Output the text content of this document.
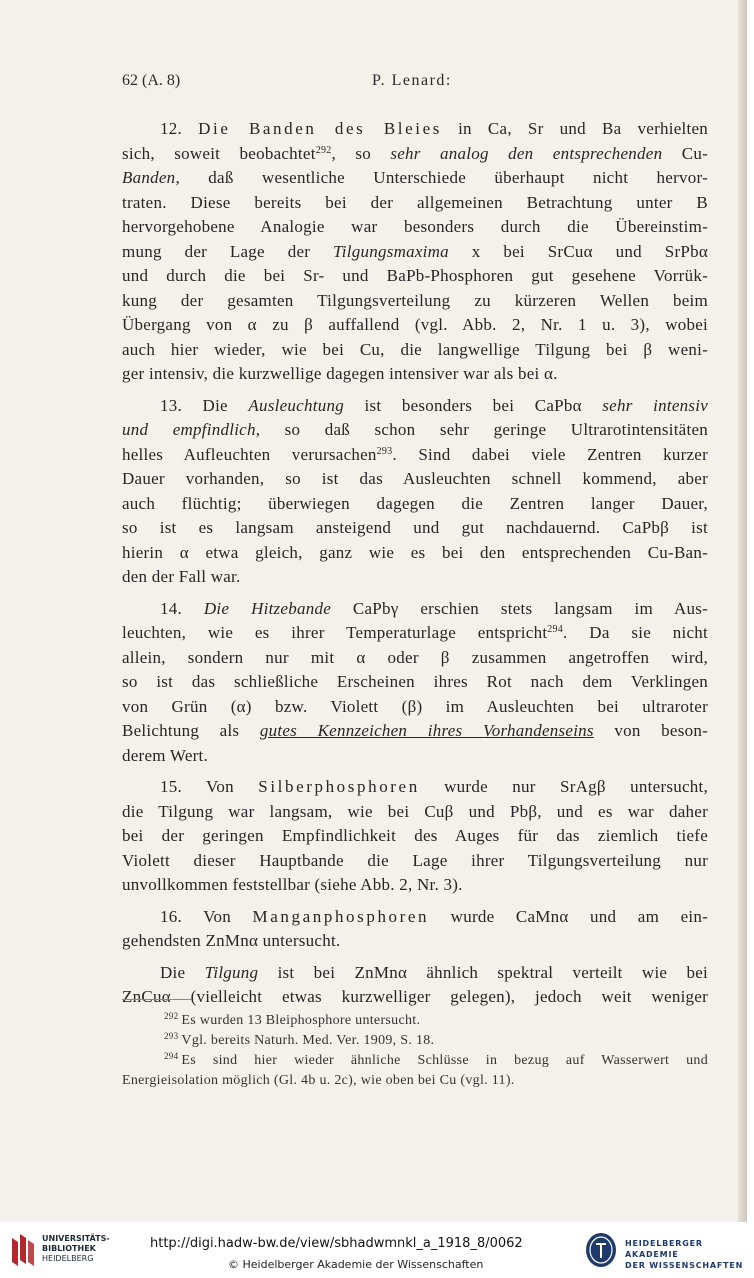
62 (A. 8)	P. Lenard:
12. Die Banden des Bleies in Ca, Sr und Ba verhielten
sich, soweit beobachtet$^{292}$, so sehr analog den entsprechenden Cu-
Banden, daß wesentliche Unterschiede überhaupt nicht hervor-
traten. Diese bereits bei der allgemeinen Betrachtung unter B
hervorgehobene Analogie war besonders durch die Übereinstim-
mung der Lage der Tilgungsmaxima x bei SrCuα und SrPbα
und durch die bei Sr- und BaPb-Phosphoren gut gesehene Vorrük-
kung der gesamten Tilgungsverteilung zu kürzeren Wellen beim
Übergang von α zu β auffallend (vgl. Abb. 2, Nr. 1 u. 3), wobei
auch hier wieder, wie bei Cu, die langwellige Tilgung bei β weni-
ger intensiv, die kurzwellige dagegen intensiver war als bei α.
13. Die Ausleuchtung ist besonders bei CaPbα sehr intensiv
und empfindlich, so daß schon sehr geringe Ultrarotintensitäten
helles Aufleuchten verursachen$^{293}$. Sind dabei viele Zentren kurzer
Dauer vorhanden, so ist das Ausleuchten schnell kommend, aber
auch flüchtig; überwiegen dagegen die Zentren langer Dauer,
so ist es langsam ansteigend und gut nachdauernd. CaPbβ ist
hierin α etwa gleich, ganz wie es bei den entsprechenden Cu-Ban-
den der Fall war.
14. Die Hitzebande CaPbγ erschien stets langsam im Aus-
leuchten, wie es ihrer Temperaturlage entspricht$^{294}$. Da sie nicht
allein, sondern nur mit α oder β zusammen angetroffen wird,
so ist das schließliche Erscheinen ihres Rot nach dem Verklingen
von Grün (α) bzw. Violett (β) im Ausleuchten bei ultraroter
Belichtung als gutes Kennzeichen ihres Vorhandenseins von beson-
derem Wert.
15. Von Silberphosphoren wurde nur SrAgβ untersucht,
die Tilgung war langsam, wie bei Cuβ und Pbβ, und es war daher
bei der geringen Empfindlichkeit des Auges für das ziemlich tiefe
Violett dieser Hauptbande die Lage ihrer Tilgungsverteilung nur
unvollkommen feststellbar (siehe Abb. 2, Nr. 3).
16. Von Manganphosphoren wurde CaMnα und am ein-
gehendsten ZnMnα untersucht.
Die Tilgung ist bei ZnMnα ähnlich spektral verteilt wie bei
ZnCuα (vielleicht etwas kurzwelliger gelegen), jedoch weit weniger
$^{292}$ Es wurden 13 Bleiphosphore untersucht.
$^{293}$ Vgl. bereits Naturh. Med. Ver. 1909, S. 18.
$^{294}$ Es sind hier wieder ähnliche Schlüsse in bezug auf Wasserwert und
Energieisolation möglich (Gl. 4b u. 2c), wie oben bei Cu (vgl. 11).
UNIVERSITÄTS-
BIBLIOTHEK
HEIDELBERG
http://digi.hadw-bw.de/view/sbhadwmnkl_a_1918_8/0062
© Heidelberger Akademie der Wissenschaften
HEIDELBERGER AKADEMIE
DER WISSENSCHAFTEN
